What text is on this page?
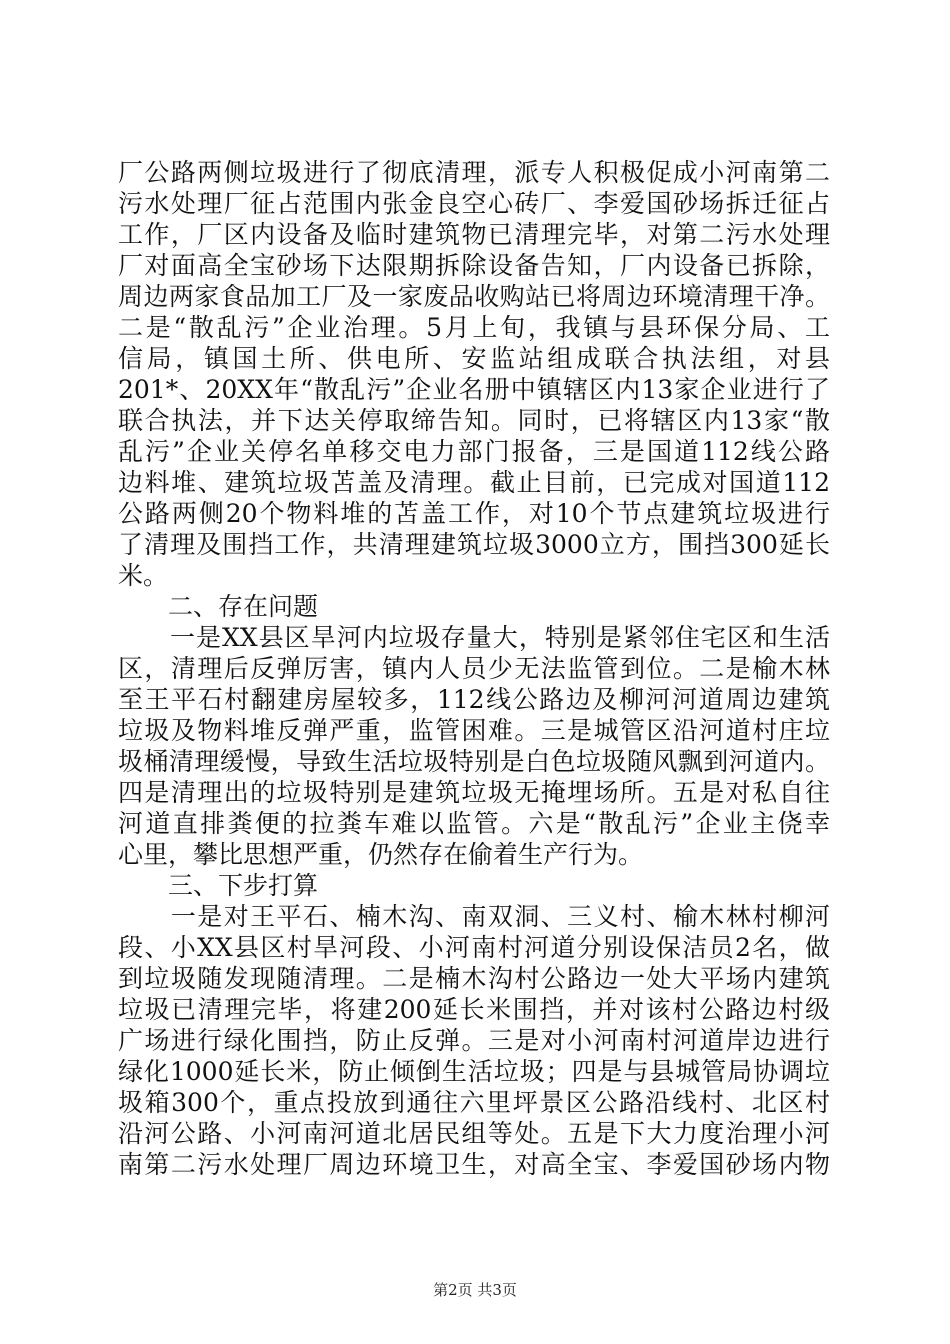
厂公路两侧垃圾进行了彻底清理，派专人积极促成小河南第二
污水处理厂征占范围内张金良空心砖厂、李爱国砂场拆迁征占
工作，厂区内设备及临时建筑物已清理完毕，对第二污水处理
厂对面高全宝砂场下达限期拆除设备告知，厂内设备已拆除，
周边两家食品加工厂及一家废品收购站已将周边环境清理干净。
二是“散乱污”企业治理。5月上旬，我镇与县环保分局、工
信局，镇国土所、供电所、安监站组成联合执法组，对县
201*、20XX年“散乱污”企业名册中镇辖区内13家企业进行了
联合执法，并下达关停取缔告知。同时，已将辖区内13家“散
乱污”企业关停名单移交电力部门报备，三是国道112线公路
边料堆、建筑垃圾苫盖及清理。截止目前，已完成对国道112
公路两侧20个物料堆的苫盖工作，对10个节点建筑垃圾进行
了清理及围挡工作，共清理建筑垃圾3000立方，围挡300延长
米。
　　二、存在问题
　　一是XX县区旱河内垃圾存量大，特别是紧邻住宅区和生活
区，清理后反弹厉害，镇内人员少无法监管到位。二是榆木林
至王平石村翻建房屋较多，112线公路边及柳河河道周边建筑
垃圾及物料堆反弹严重，监管困难。三是城管区沿河道村庄垃
圾桶清理缓慢，导致生活垃圾特别是白色垃圾随风飘到河道内。
四是清理出的垃圾特别是建筑垃圾无掩埋场所。五是对私自往
河道直排粪便的拉粪车难以监管。六是“散乱污”企业主侥幸
心里，攀比思想严重，仍然存在偷着生产行为。
　　三、下步打算
　　一是对王平石、楠木沟、南双洞、三义村、榆木林村柳河
段、小XX县区村旱河段、小河南村河道分别设保洁员2名，做
到垃圾随发现随清理。二是楠木沟村公路边一处大平场内建筑
垃圾已清理完毕，将建200延长米围挡，并对该村公路边村级
广场进行绿化围挡，防止反弹。三是对小河南村河道岸边进行
绿化1000延长米，防止倾倒生活垃圾；四是与县城管局协调垃
圾箱300个，重点投放到通往六里坪景区公路沿线村、北区村
沿河公路、小河南河道北居民组等处。五是下大力度治理小河
南第二污水处理厂周边环境卫生，对高全宝、李爱国砂场内物
第2页 共3页
